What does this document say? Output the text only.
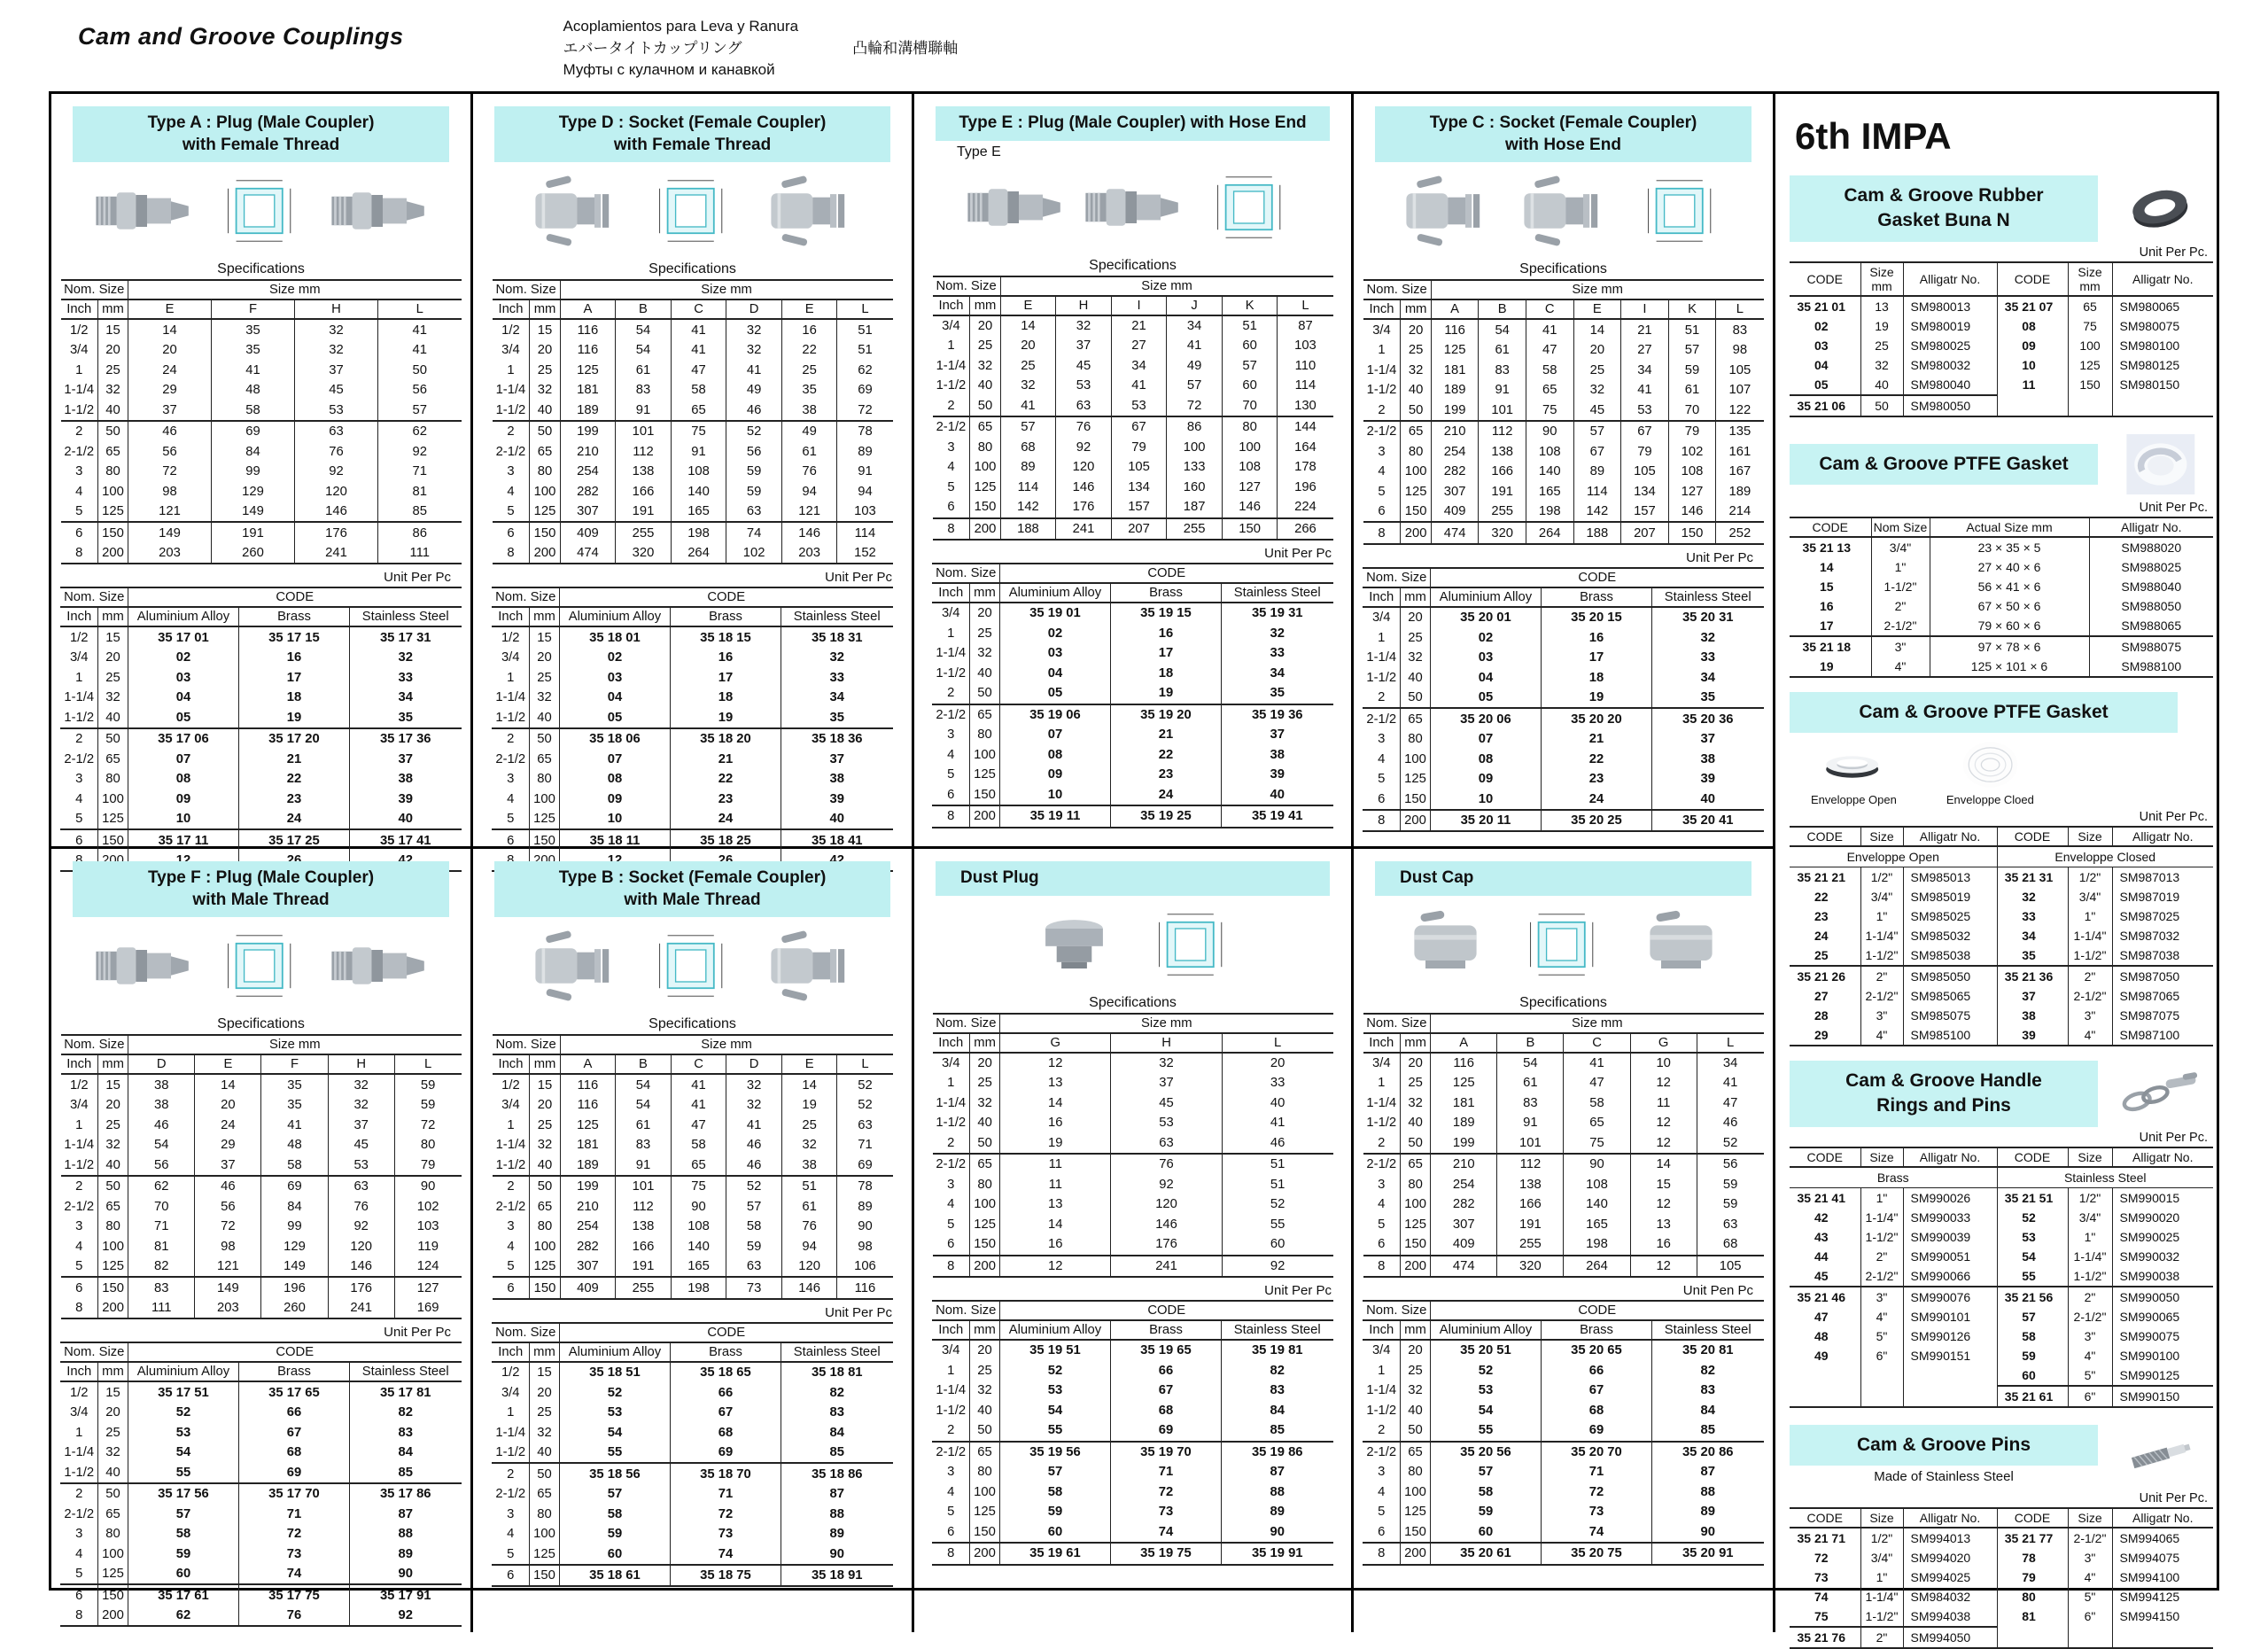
Cam and Groove Couplings	Acoplamientos para Leva y Ranura
エバータイトカップリング	凸輪和溝槽聯軸
Муфты с кулачном и канавкой
Type A : Plug (Male Coupler)
with Female Thread
Specifications
Nom. Size		Size mm			
Inch	mm	E	F	H	L
1/2	15	14	35	32	41
3/4	20	20	35	32	41
1	25	24	41	37	50
1-1/4	32	29	48	45	56
1-1/2	40	37	58	53	57
2	50	46	69	63	62
2-1/2	65	56	84	76	92
3	80	72	99	92	71
4	100	98	129	120	81
5	125	121	149	146	85
6	150	149	191	176	86
8	200	203	260	241	111
Unit Per Pc
Nom. Size		CODE		
Inch	mm	Aluminium Alloy	Brass	Stainless Steel
1/2	15	35 17 01	35 17 15	35 17 31
3/4	20	02	16	32
1	25	03	17	33
1-1/4	32	04	18	34
1-1/2	40	05	19	35
2	50	35 17 06	35 17 20	35 17 36
2-1/2	65	07	21	37
3	80	08	22	38
4	100	09	23	39
5	125	10	24	40
6	150	35 17 11	35 17 25	35 17 41

Type D : Socket (Female Coupler)
with Female Thread
Specifications
Nom. Size		Size mm					
Inch	mm	A	B	C	D	E	L
1/2	15	116	54	41	32	16	51
3/4	20	116	54	41	32	22	51
1	25	125	61	47	41	25	62
1-1/4	32	181	83	58	49	35	69
1-1/2	40	189	91	65	46	38	72
2	50	199	101	75	52	49	78
2-1/2	65	210	112	91	56	61	89
3	80	254	138	108	59	76	91
4	100	282	166	140	59	94	94
5	125	307	191	165	63	121	103
6	150	409	255	198	74	146	114
8	200	474	320	264	102	203	152
Unit Per Pc
Nom. Size		CODE		
Inch	mm	Aluminium Alloy	Brass	Stainless Steel
1/2	15	35 18 01	35 18 15	35 18 31
3/4	20	02	16	32
1	25	03	17	33
1-1/4	32	04	18	34
1-1/2	40	05	19	35
2	50	35 18 06	35 18 20	35 18 36
2-1/2	65	07	21	37
3	80	08	22	38
4	100	09	23	39
5	125	10	24	40
6	150	35 18 11	35 18 25	35 18 41

Type E : Plug (Male Coupler) with Hose End
Type E
Specifications
Nom. Size		Size mm					
Inch	mm	E	H	I	J	K	L
3/4	20	14	32	21	34	51	87
1	25	20	37	27	41	60	103
1-1/4	32	25	45	34	49	57	110
1-1/2	40	32	53	41	57	60	114
2	50	41	63	53	72	70	130
2-1/2	65	57	76	67	86	80	144
3	80	68	92	79	100	100	164
4	100	89	120	105	133	108	178
5	125	114	146	134	160	127	196
6	150	142	176	157	187	146	224
8	200	188	241	207	255	150	266
Unit Per Pc
Nom. Size		CODE		
Inch	mm	Aluminium Alloy	Brass	Stainless Steel
3/4	20	35 19 01	35 19 15	35 19 31
1	25	02	16	32
1-1/4	32	03	17	33
1-1/2	40	04	18	34
2	50	05	19	35
2-1/2	65	35 19 06	35 19 20	35 19 36
3	80	07	21	37
4	100	08	22	38
5	125	09	23	39
6	150	10	24	40
8	200	35 19 11	35 19 25	35 19 41
Type C : Socket (Female Coupler)
with Hose End
Specifications
Nom. Size		Size mm						
Inch	mm	A	B	C	E	I	K	L
3/4	20	116	54	41	14	21	51	83
1	25	125	61	47	20	27	57	98
1-1/4	32	181	83	58	25	34	59	105
1-1/2	40	189	91	65	32	41	61	107
2	50	199	101	75	45	53	70	122
2-1/2	65	210	112	90	57	67	79	135
3	80	254	138	108	67	79	102	161
4	100	282	166	140	89	105	108	167
5	125	307	191	165	114	134	127	189
6	150	409	255	198	142	157	146	214
8	200	474	320	264	188	207	150	252
Unit Per Pc
Nom. Size		CODE		
Inch	mm	Aluminium Alloy	Brass	Stainless Steel
3/4	20	35 20 01	35 20 15	35 20 31
1	25	02	16	32
1-1/4	32	03	17	33
1-1/2	40	04	18	34
2	50	05	19	35
2-1/2	65	35 20 06	35 20 20	35 20 36
3	80	07	21	37
4	100	08	22	38
5	125	09	23	39
6	150	10	24	40
8	200	35 20 11	35 20 25	35 20 41
Type F : Plug (Male Coupler)
with Male Thread
Specifications
Nom. Size		Size mm				
Inch	mm	D	E	F	H	L
1/2	15	38	14	35	32	59
3/4	20	38	20	35	32	59
1	25	46	24	41	37	72
1-1/4	32	54	29	48	45	80
1-1/2	40	56	37	58	53	79
2	50	62	46	69	63	90
2-1/2	65	70	56	84	76	102
3	80	71	72	99	92	103
4	100	81	98	129	120	119
5	125	82	121	149	146	124
6	150	83	149	196	176	127
8	200	111	203	260	241	169
Unit Per Pc
Nom. Size		CODE		
Inch	mm	Aluminium Alloy	Brass	Stainless Steel
1/2	15	35 17 51	35 17 65	35 17 81
3/4	20	52	66	82
1	25	53	67	83
1-1/4	32	54	68	84
1-1/2	40	55	69	85
2	50	35 17 56	35 17 70	35 17 86
2-1/2	65	57	71	87
3	80	58	72	88
4	100	59	73	89
5	125	60	74	90
6	150	35 17 61	35 17 75	35 17 91
8	200	62	76	92
Type B : Socket (Female Coupler)
with Male Thread
Specifications
Nom. Size		Size mm					
Inch	mm	A	B	C	D	E	L
1/2	15	116	54	41	32	14	52
3/4	20	116	54	41	32	19	52
1	25	125	61	47	41	25	63
1-1/4	32	181	83	58	46	32	71
1-1/2	40	189	91	65	46	38	69
2	50	199	101	75	52	51	78
2-1/2	65	210	112	90	57	61	89
3	80	254	138	108	58	76	90
4	100	282	166	140	59	94	98
5	125	307	191	165	63	120	106
6	150	409	255	198	73	146	116
Unit Per Pc
Nom. Size		CODE		
Inch	mm	Aluminium Alloy	Brass	Stainless Steel
1/2	15	35 18 51	35 18 65	35 18 81
3/4	20	52	66	82
1	25	53	67	83
1-1/4	32	54	68	84
1-1/2	40	55	69	85
2	50	35 18 56	35 18 70	35 18 86
2-1/2	65	57	71	87
3	80	58	72	88
4	100	59	73	89
5	125	60	74	90
6	150	35 18 61	35 18 75	35 18 91
Dust Plug
Specifications
Nom. Size		Size mm		
Inch	mm	G	H	L
3/4	20	12	32	20
1	25	13	37	33
1-1/4	32	14	45	40
1-1/2	40	16	53	41
2	50	19	63	46
2-1/2	65	11	76	51
3	80	11	92	51
4	100	13	120	52
5	125	14	146	55
6	150	16	176	60
8	200	12	241	92
Unit Per Pc
Nom. Size		CODE		
Inch	mm	Aluminium Alloy	Brass	Stainless Steel
3/4	20	35 19 51	35 19 65	35 19 81
1	25	52	66	82
1-1/4	32	53	67	83
1-1/2	40	54	68	84
2	50	55	69	85
2-1/2	65	35 19 56	35 19 70	35 19 86
3	80	57	71	87
4	100	58	72	88
5	125	59	73	89
6	150	60	74	90
8	200	35 19 61	35 19 75	35 19 91
Dust Cap
Specifications
Nom. Size		Size mm				
Inch	mm	A	B	C	G	L
3/4	20	116	54	41	10	34
1	25	125	61	47	12	41
1-1/4	32	181	83	58	11	47
1-1/2	40	189	91	65	12	46
2	50	199	101	75	12	52
2-1/2	65	210	112	90	14	56
3	80	254	138	108	15	59
4	100	282	166	140	12	59
5	125	307	191	165	13	63
6	150	409	255	198	16	68
8	200	474	320	264	12	105
Unit Pen Pc
Nom. Size		CODE		
Inch	mm	Aluminium Alloy	Brass	Stainless Steel
3/4	20	35 20 51	35 20 65	35 20 81
1	25	52	66	82
1-1/4	32	53	67	83
1-1/2	40	54	68	84
2	50	55	69	85
2-1/2	65	35 20 56	35 20 70	35 20 86
3	80	57	71	87
4	100	58	72	88
5	125	59	73	89
6	150	60	74	90
8	200	35 20 61	35 20 75	35 20 91
6th IMPA
Cam & Groove Rubber
Gasket Buna N
Unit Per Pc.
CODE	Size mm	Alligatr No.	CODE	Size mm	Alligatr No.
35 21 01	13	SM980013	35 21 07	65	SM980065
02	19	SM980019	08	75	SM980075
03	25	SM980025	09	100	SM980100
04	32	SM980032	10	125	SM980125
05	40	SM980040	11	150	SM980150
35 21 06	50	SM980050			
Cam & Groove PTFE Gasket
Unit Per Pc.
CODE	Nom Size	Actual Size mm	Alligatr No.
35 21 13	3/4"	23 × 35 × 5	SM988020
14	1"	27 × 40 × 6	SM988025
15	1-1/2"	56 × 41 × 6	SM988040
16	2"	67 × 50 × 6	SM988050
17	2-1/2"	79 × 60 × 6	SM988065
35 21 18	3"	97 × 78 × 6	SM988075
19	4"	125 × 101 × 6	SM988100
Cam & Groove PTFE Gasket
Enveloppe Open	Enveloppe Cloed
Unit Per Pc.
CODE	Size	Alligatr No.	CODE	Size	Alligatr No.
Enveloppe Open			Enveloppe Closed		
35 21 21	1/2"	SM985013	35 21 31	1/2"	SM987013
22	3/4"	SM985019	32	3/4"	SM987019
23	1"	SM985025	33	1"	SM987025
24	1-1/4"	SM985032	34	1-1/4"	SM987032
25	1-1/2"	SM985038	35	1-1/2"	SM987038
35 21 26	2"	SM985050	35 21 36	2"	SM987050
27	2-1/2"	SM985065	37	2-1/2"	SM987065
28	3"	SM985075	38	3"	SM987075
29	4"	SM985100	39	4"	SM987100
Cam & Groove Handle
Rings and Pins
Unit Per Pc.
CODE	Size	Alligatr No.	CODE	Size	Alligatr No.
Brass			Stainless Steel		
35 21 41	1"	SM990026	35 21 51	1/2"	SM990015
42	1-1/4"	SM990033	52	3/4"	SM990020
43	1-1/2"	SM990039	53	1"	SM990025
44	2"	SM990051	54	1-1/4"	SM990032
45	2-1/2"	SM990066	55	1-1/2"	SM990038
35 21 46	3"	SM990076	35 21 56	2"	SM990050
47	4"	SM990101	57	2-1/2"	SM990065
48	5"	SM990126	58	3"	SM990075
49	6"	SM990151	59	4"	SM990100
			60	5"	SM990125
			35 21 61	6"	SM990150
Cam & Groove Pins
Made of Stainless Steel
Unit Per Pc.
CODE	Size	Alligatr No.	CODE	Size	Alligatr No.
35 21 71	1/2"	SM994013	35 21 77	2-1/2"	SM994065
72	3/4"	SM994020	78	3"	SM994075
73	1"	SM994025	79	4"	SM994100
74	1-1/4"	SM984032	80	5"	SM994125
75	1-1/2"	SM994038	81	6"	SM994150
35 21 76	2"	SM994050			
